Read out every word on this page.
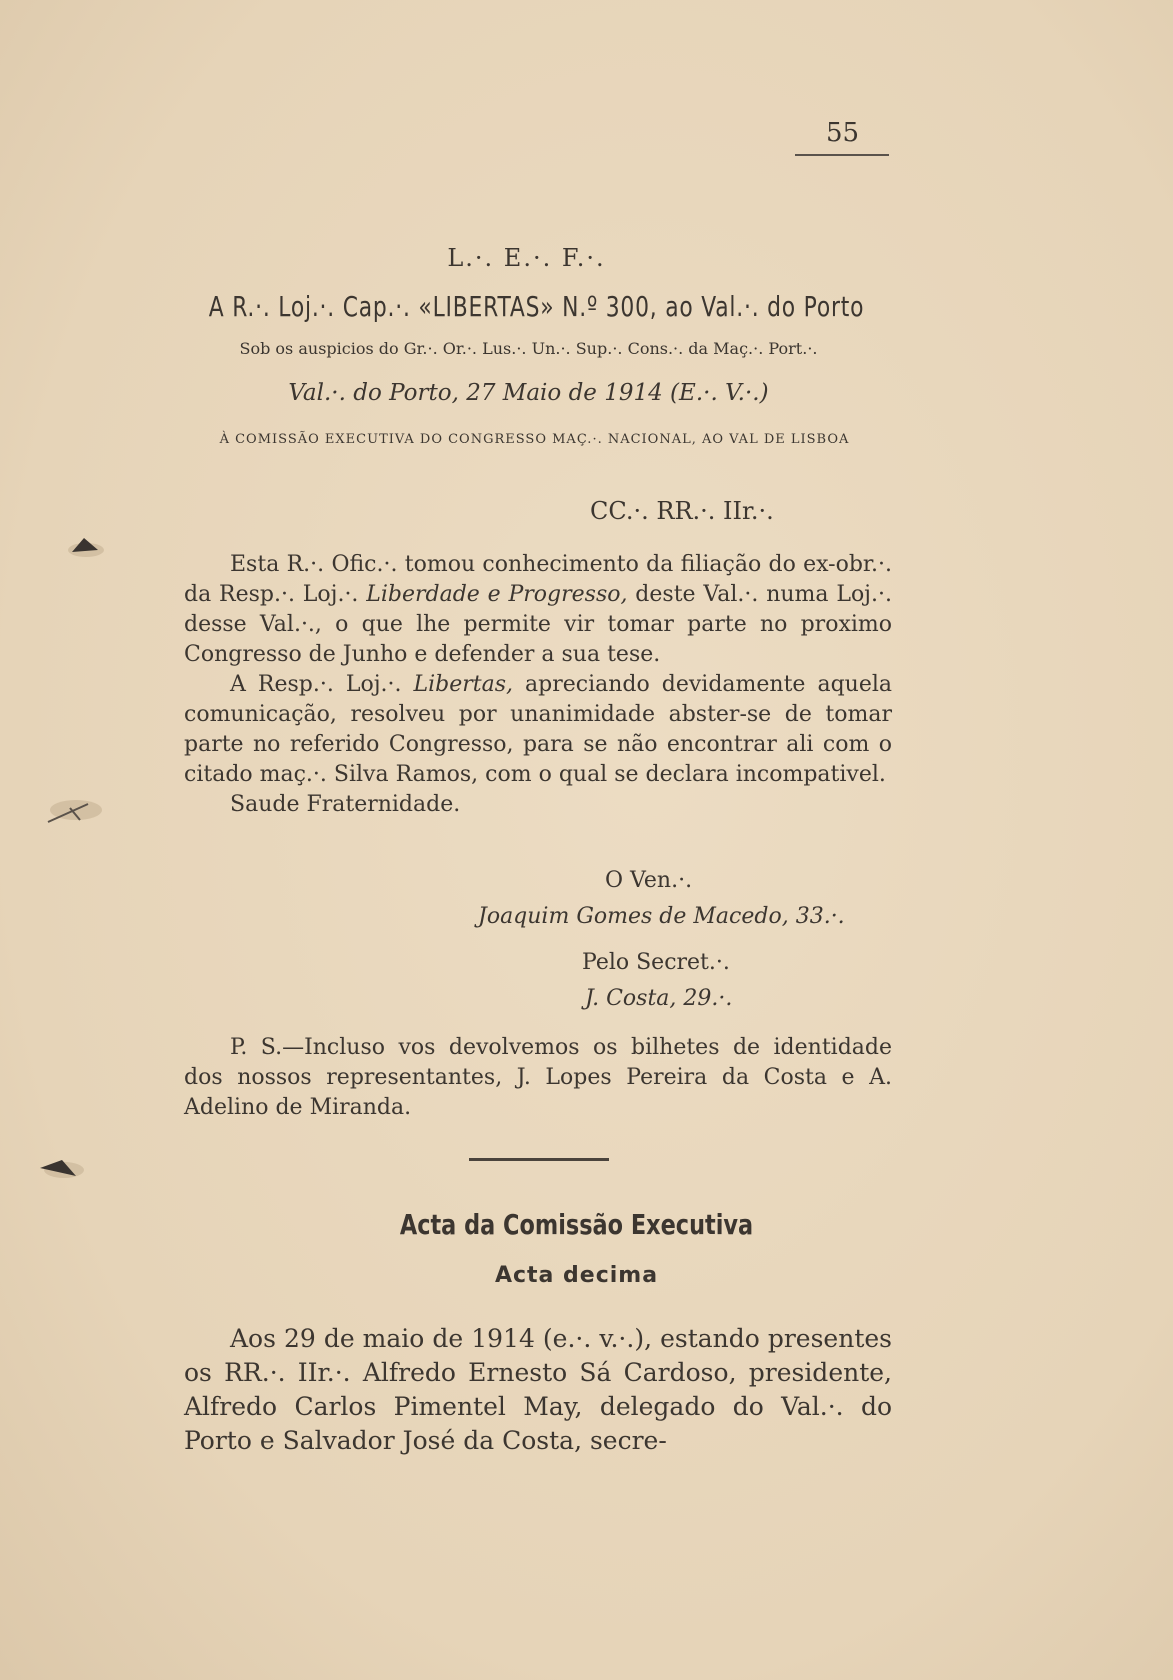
55
L.·. E.·. F.·.
A R.·. Loj.·. Cap.·. «LIBERTAS» N.º 300, ao Val.·. do Porto
Sob os auspicios do Gr.·. Or.·. Lus.·. Un.·. Sup.·. Cons.·. da Maç.·. Port.·.
Val.·. do Porto, 27 Maio de 1914 (E.·. V.·.)
À COMISSÃO EXECUTIVA DO CONGRESSO MAÇ.·. NACIONAL, AO VAL DE LISBOA
CC.·. RR.·. IIr.·.

Esta R.·. Ofic.·. tomou conhecimento da filiação do ex-obr.·. da Resp.·. Loj.·. Liberdade e Progresso, deste Val.·. numa Loj.·. desse Val.·., o que lhe permite vir tomar parte no proximo Congresso de Junho e defender a sua tese.

A Resp.·. Loj.·. Libertas, apreciando devidamente aquela comunicação, resolveu por unanimidade abster-se de tomar parte no referido Congresso, para se não encontrar ali com o citado maç.·. Silva Ramos, com o qual se declara incompativel.

Saude Fraternidade.

O Ven.·.
Joaquim Gomes de Macedo, 33.·.
Pelo Secret.·.
J. Costa, 29.·.

P. S.—Incluso vos devolvemos os bilhetes de identidade dos nossos representantes, J. Lopes Pereira da Costa e A. Adelino de Miranda.

Acta da Comissão Executiva
Acta decima

Aos 29 de maio de 1914 (e.·. v.·.), estando presentes os RR.·. IIr.·. Alfredo Ernesto Sá Cardoso, presidente, Alfredo Carlos Pimentel May, delegado do Val.·. do Porto e Salvador José da Costa, secre-
